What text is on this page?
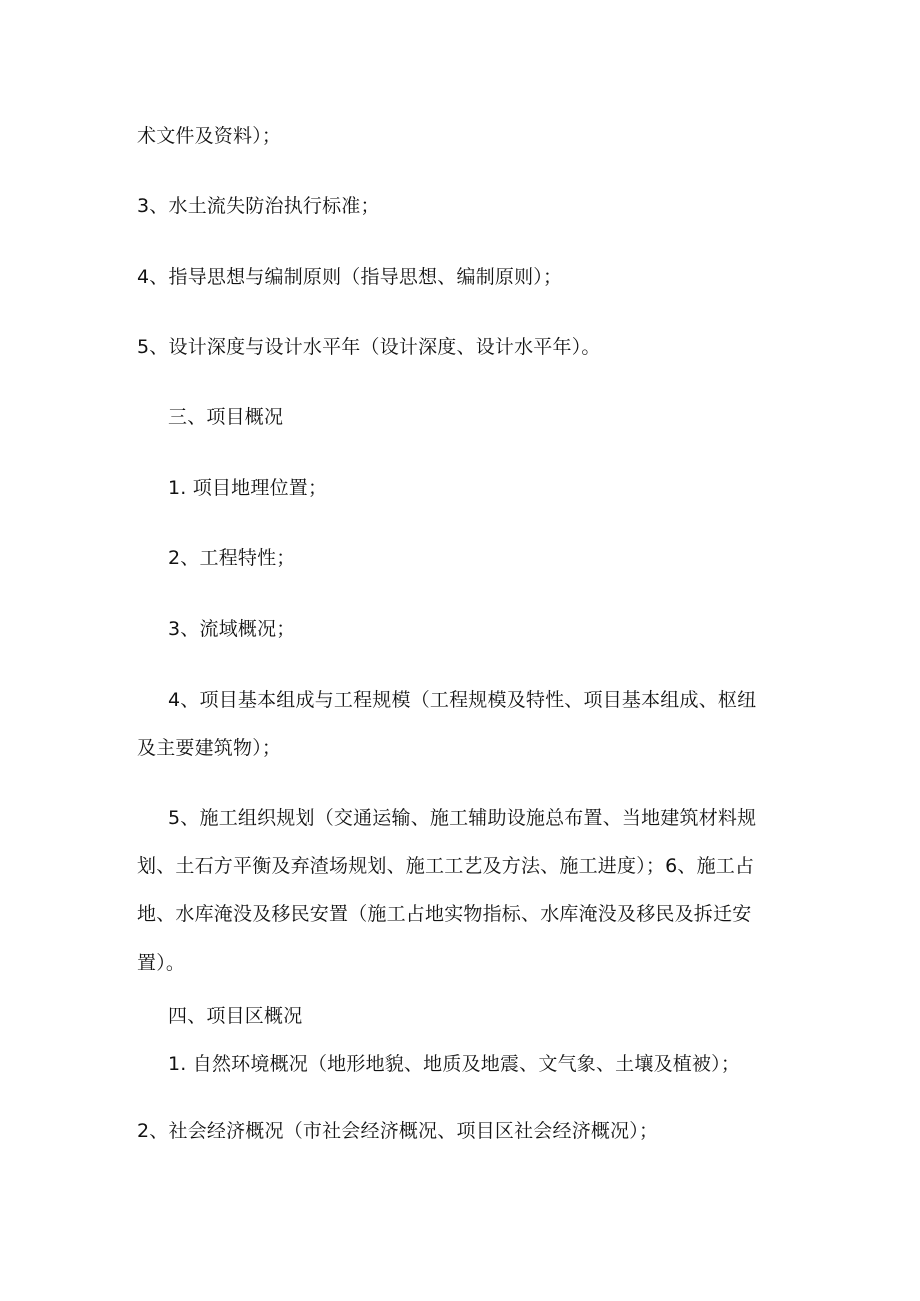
术文件及资料）；
3、水土流失防治执行标准；
4、指导思想与编制原则（指导思想、编制原则）；
5、设计深度与设计水平年（设计深度、设计水平年）。
三、项目概况
1. 项目地理位置；
2、工程特性；
3、流域概况；
4、项目基本组成与工程规模（工程规模及特性、项目基本组成、枢纽
及主要建筑物）；
5、施工组织规划（交通运输、施工辅助设施总布置、当地建筑材料规
划、土石方平衡及弃渣场规划、施工工艺及方法、施工进度）；6、施工占
地、水库淹没及移民安置（施工占地实物指标、水库淹没及移民及拆迁安
置）。
四、项目区概况
1. 自然环境概况（地形地貌、地质及地震、文气象、土壤及植被）；
2、社会经济概况（市社会经济概况、项目区社会经济概况）；
